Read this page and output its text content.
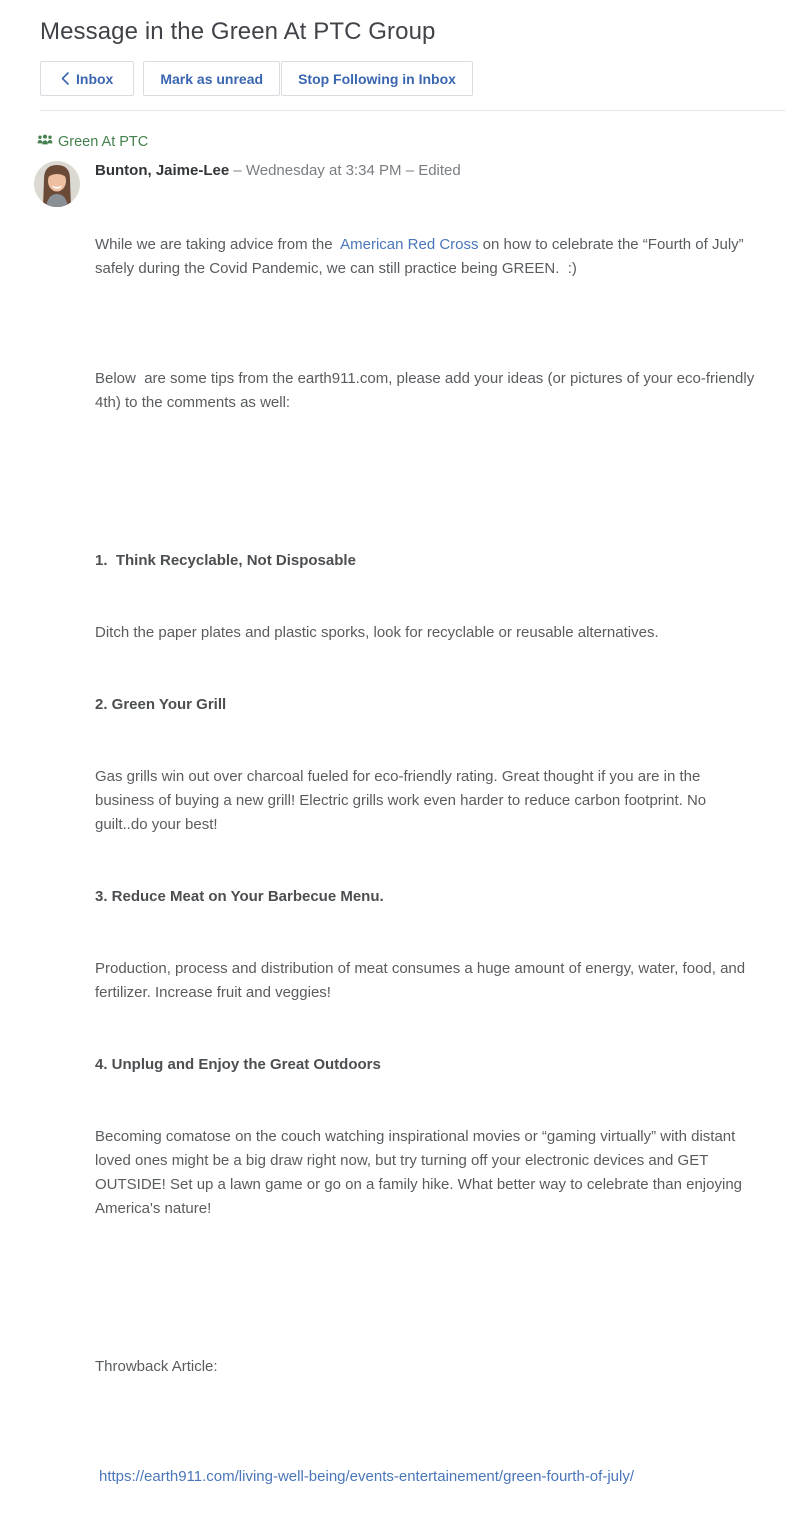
Message in the Green At PTC Group
Inbox	Mark as unread	Stop Following in Inbox
Green At PTC
Bunton, Jaime-Lee – Wednesday at 3:34 PM – Edited

While we are taking advice from the  American Red Cross on how to celebrate the “Fourth of July” safely during the Covid Pandemic, we can still practice being GREEN.  :)

Below  are some tips from the earth911.com, please add your ideas (or pictures of your eco-friendly 4th) to the comments as well:

1.  Think Recyclable, Not Disposable

Ditch the paper plates and plastic sporks, look for recyclable or reusable alternatives.

2. Green Your Grill

Gas grills win out over charcoal fueled for eco-friendly rating. Great thought if you are in the business of buying a new grill! Electric grills work even harder to reduce carbon footprint. No guilt..do your best!

3. Reduce Meat on Your Barbecue Menu.

Production, process and distribution of meat consumes a huge amount of energy, water, food, and fertilizer. Increase fruit and veggies!

4. Unplug and Enjoy the Great Outdoors

Becoming comatose on the couch watching inspirational movies or “gaming virtually” with distant loved ones might be a big draw right now, but try turning off your electronic devices and GET OUTSIDE! Set up a lawn game or go on a family hike. What better way to celebrate than enjoying America's nature!

Throwback Article:

https://earth911.com/living-well-being/events-entertainement/green-fourth-of-july/
